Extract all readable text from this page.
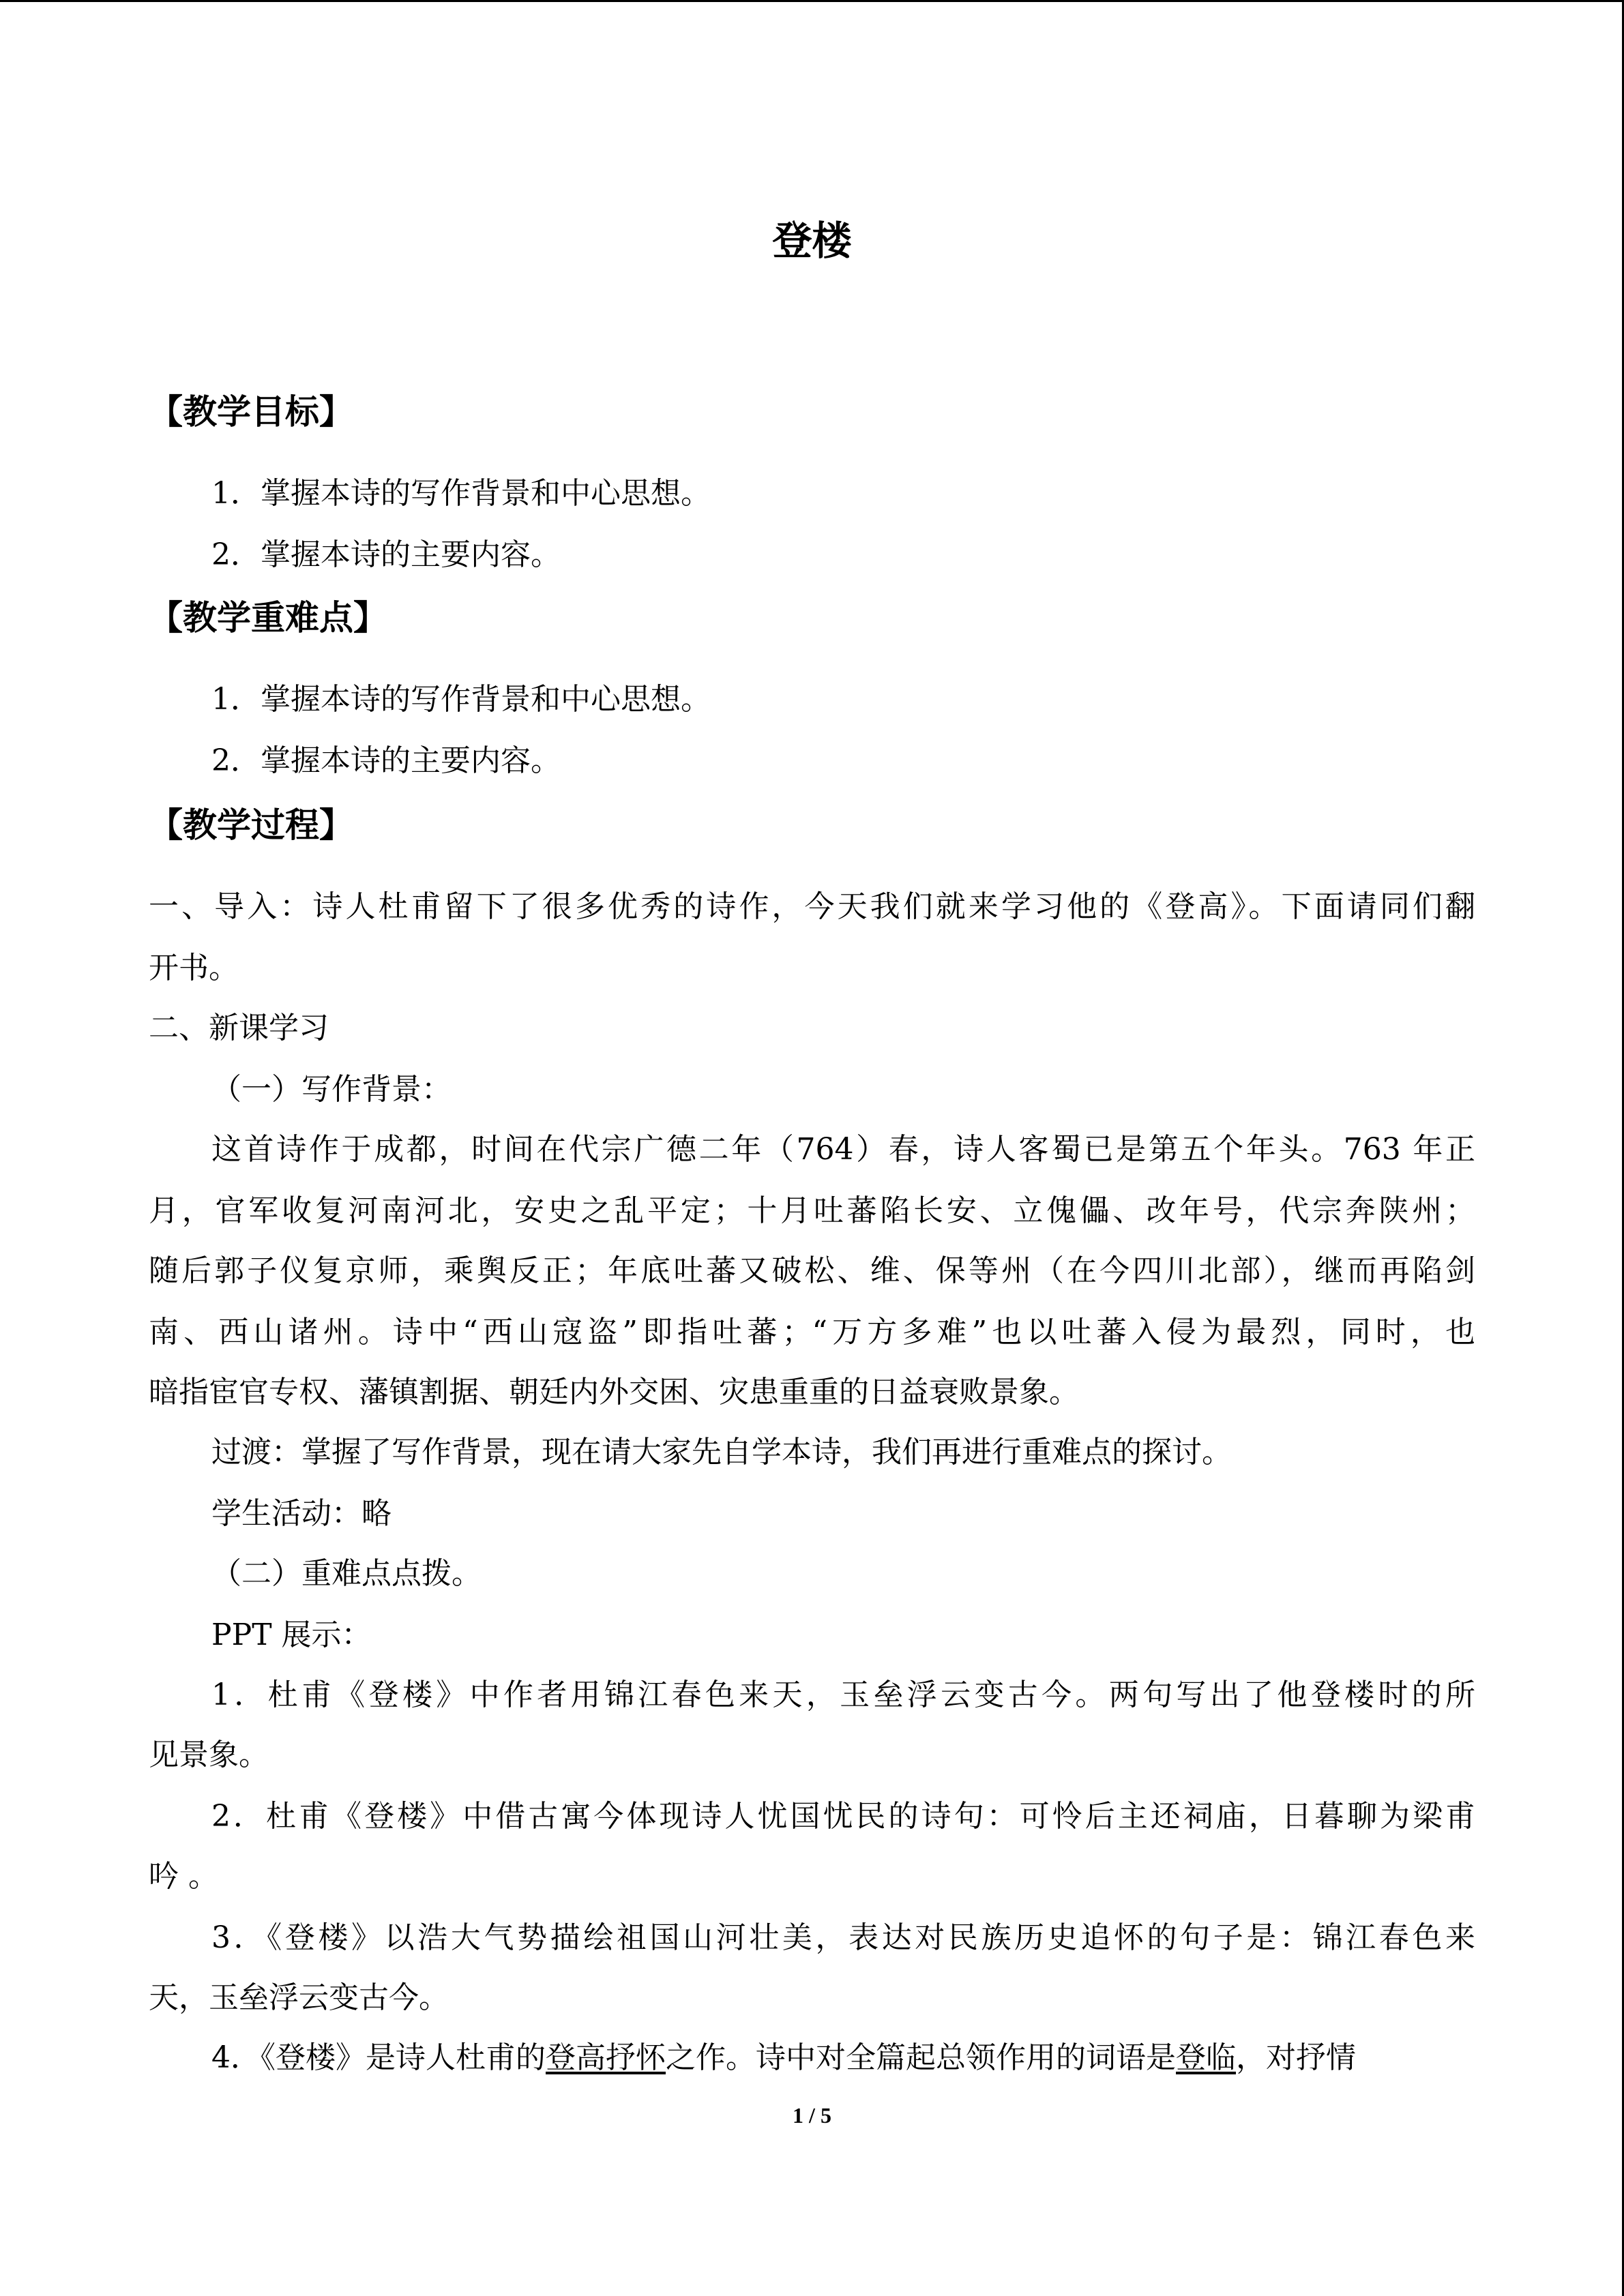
登楼
【教学目标】
1．掌握本诗的写作背景和中心思想。
2．掌握本诗的主要内容。
【教学重难点】
1．掌握本诗的写作背景和中心思想。
2．掌握本诗的主要内容。
【教学过程】
一、导入：诗人杜甫留下了很多优秀的诗作，今天我们就来学习他的《登高》。下面请同们翻
开书。
二、新课学习
（一）写作背景：
这首诗作于成都，时间在代宗广德二年（764）春，诗人客蜀已是第五个年头。763 年正
月，官军收复河南河北，安史之乱平定；十月吐蕃陷长安、立傀儡、改年号，代宗奔陕州；
随后郭子仪复京师，乘舆反正；年底吐蕃又破松、维、保等州（在今四川北部），继而再陷剑
南、西山诸州。诗中“西山寇盗”即指吐蕃；“万方多难”也以吐蕃入侵为最烈，同时，也
暗指宦官专权、藩镇割据、朝廷内外交困、灾患重重的日益衰败景象。
过渡：掌握了写作背景，现在请大家先自学本诗，我们再进行重难点的探讨。
学生活动：略
（二）重难点点拨。
PPT 展示：
1．杜甫《登楼》中作者用锦江春色来天，玉垒浮云变古今。两句写出了他登楼时的所
见景象。
2．杜甫《登楼》中借古寓今体现诗人忧国忧民的诗句：可怜后主还祠庙，日暮聊为梁甫
吟 。
3．《登楼》以浩大气势描绘祖国山河壮美，表达对民族历史追怀的句子是：锦江春色来
天，玉垒浮云变古今。
4．《登楼》是诗人杜甫的登高抒怀之作。诗中对全篇起总领作用的词语是登临，对抒情
1 / 5
